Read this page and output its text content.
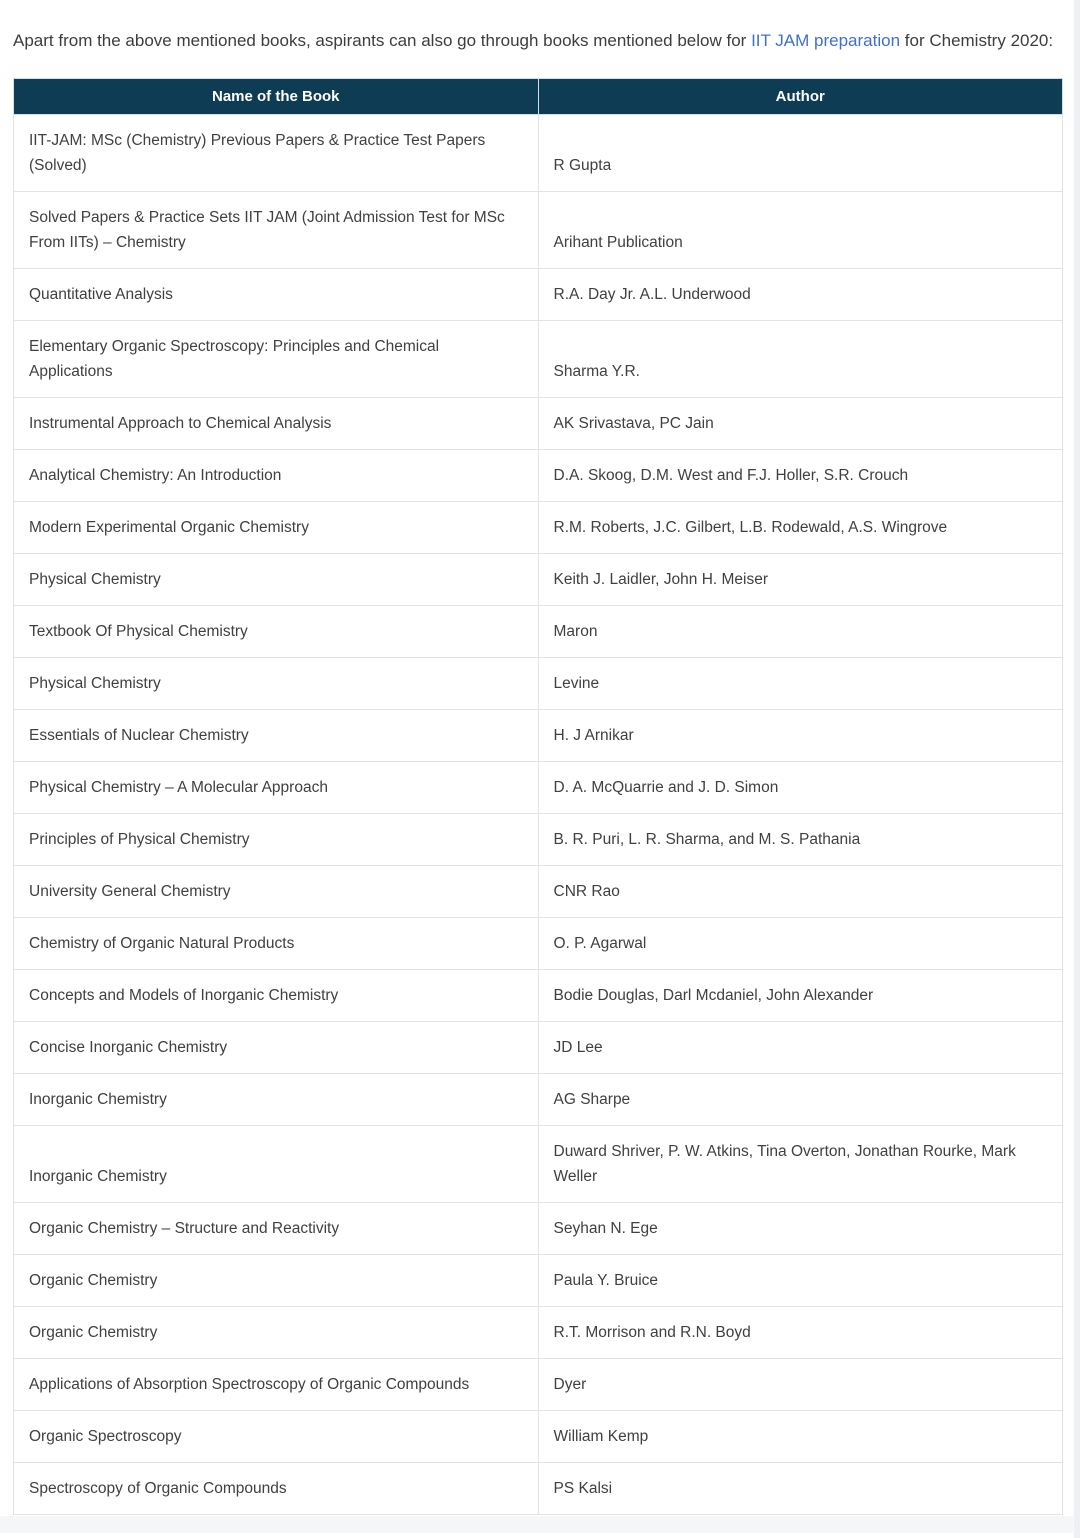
Apart from the above mentioned books, aspirants can also go through books mentioned below for IIT JAM preparation for Chemistry 2020:

Name of the Book	Author
IIT-JAM: MSc (Chemistry) Previous Papers & Practice Test Papers (Solved)	R Gupta
Solved Papers & Practice Sets IIT JAM (Joint Admission Test for MSc From IITs) – Chemistry	Arihant Publication
Quantitative Analysis	R.A. Day Jr. A.L. Underwood
Elementary Organic Spectroscopy: Principles and Chemical Applications	Sharma Y.R.
Instrumental Approach to Chemical Analysis	AK Srivastava, PC Jain
Analytical Chemistry: An Introduction	D.A. Skoog, D.M. West and F.J. Holler, S.R. Crouch
Modern Experimental Organic Chemistry	R.M. Roberts, J.C. Gilbert, L.B. Rodewald, A.S. Wingrove
Physical Chemistry	Keith J. Laidler, John H. Meiser
Textbook Of Physical Chemistry	Maron
Physical Chemistry	Levine
Essentials of Nuclear Chemistry	H. J Arnikar
Physical Chemistry – A Molecular Approach	D. A. McQuarrie and J. D. Simon
Principles of Physical Chemistry	B. R. Puri, L. R. Sharma, and M. S. Pathania
University General Chemistry	CNR Rao
Chemistry of Organic Natural Products	O. P. Agarwal
Concepts and Models of Inorganic Chemistry	Bodie Douglas, Darl Mcdaniel, John Alexander
Concise Inorganic Chemistry	JD Lee
Inorganic Chemistry	AG Sharpe
Inorganic Chemistry	Duward Shriver, P. W. Atkins, Tina Overton, Jonathan Rourke, Mark Weller
Organic Chemistry – Structure and Reactivity	Seyhan N. Ege
Organic Chemistry	Paula Y. Bruice
Organic Chemistry	R.T. Morrison and R.N. Boyd
Applications of Absorption Spectroscopy of Organic Compounds	Dyer
Organic Spectroscopy	William Kemp
Spectroscopy of Organic Compounds	PS Kalsi
